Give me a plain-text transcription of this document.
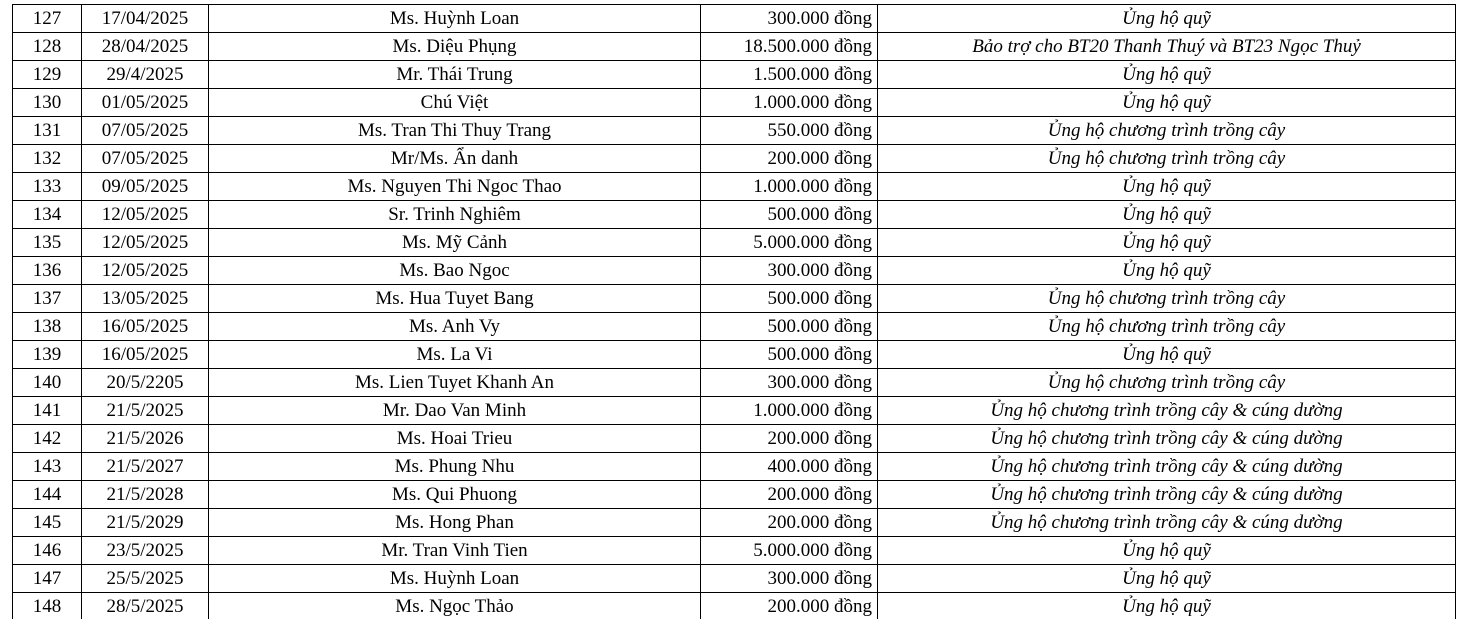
127	17/04/2025	Ms. Huỳnh Loan	300.000 đồng	Ủng hộ quỹ
128	28/04/2025	Ms. Diệu Phụng	18.500.000 đồng	Bảo trợ cho BT20 Thanh Thuý và BT23 Ngọc Thuỷ
129	29/4/2025	Mr. Thái Trung	1.500.000 đồng	Ủng hộ quỹ
130	01/05/2025	Chú Việt	1.000.000 đồng	Ủng hộ quỹ
131	07/05/2025	Ms. Tran Thi Thuy Trang	550.000 đồng	Ủng hộ chương trình trồng cây
132	07/05/2025	Mr/Ms. Ẩn danh	200.000 đồng	Ủng hộ chương trình trồng cây
133	09/05/2025	Ms. Nguyen Thi Ngoc Thao	1.000.000 đồng	Ủng hộ quỹ
134	12/05/2025	Sr. Trinh Nghiêm	500.000 đồng	Ủng hộ quỹ
135	12/05/2025	Ms. Mỹ Cảnh	5.000.000 đồng	Ủng hộ quỹ
136	12/05/2025	Ms. Bao Ngoc	300.000 đồng	Ủng hộ quỹ
137	13/05/2025	Ms. Hua Tuyet Bang	500.000 đồng	Ủng hộ chương trình trồng cây
138	16/05/2025	Ms. Anh Vy	500.000 đồng	Ủng hộ chương trình trồng cây
139	16/05/2025	Ms. La Vi	500.000 đồng	Ủng hộ quỹ
140	20/5/2205	Ms. Lien Tuyet Khanh An	300.000 đồng	Ủng hộ chương trình trồng cây
141	21/5/2025	Mr. Dao Van Minh	1.000.000 đồng	Ủng hộ chương trình trồng cây & cúng dường
142	21/5/2026	Ms. Hoai Trieu	200.000 đồng	Ủng hộ chương trình trồng cây & cúng dường
143	21/5/2027	Ms. Phung Nhu	400.000 đồng	Ủng hộ chương trình trồng cây & cúng dường
144	21/5/2028	Ms. Qui Phuong	200.000 đồng	Ủng hộ chương trình trồng cây & cúng dường
145	21/5/2029	Ms. Hong Phan	200.000 đồng	Ủng hộ chương trình trồng cây & cúng dường
146	23/5/2025	Mr. Tran Vinh Tien	5.000.000 đồng	Ủng hộ quỹ
147	25/5/2025	Ms. Huỳnh Loan	300.000 đồng	Ủng hộ quỹ
148	28/5/2025	Ms. Ngọc Thảo	200.000 đồng	Ủng hộ quỹ
